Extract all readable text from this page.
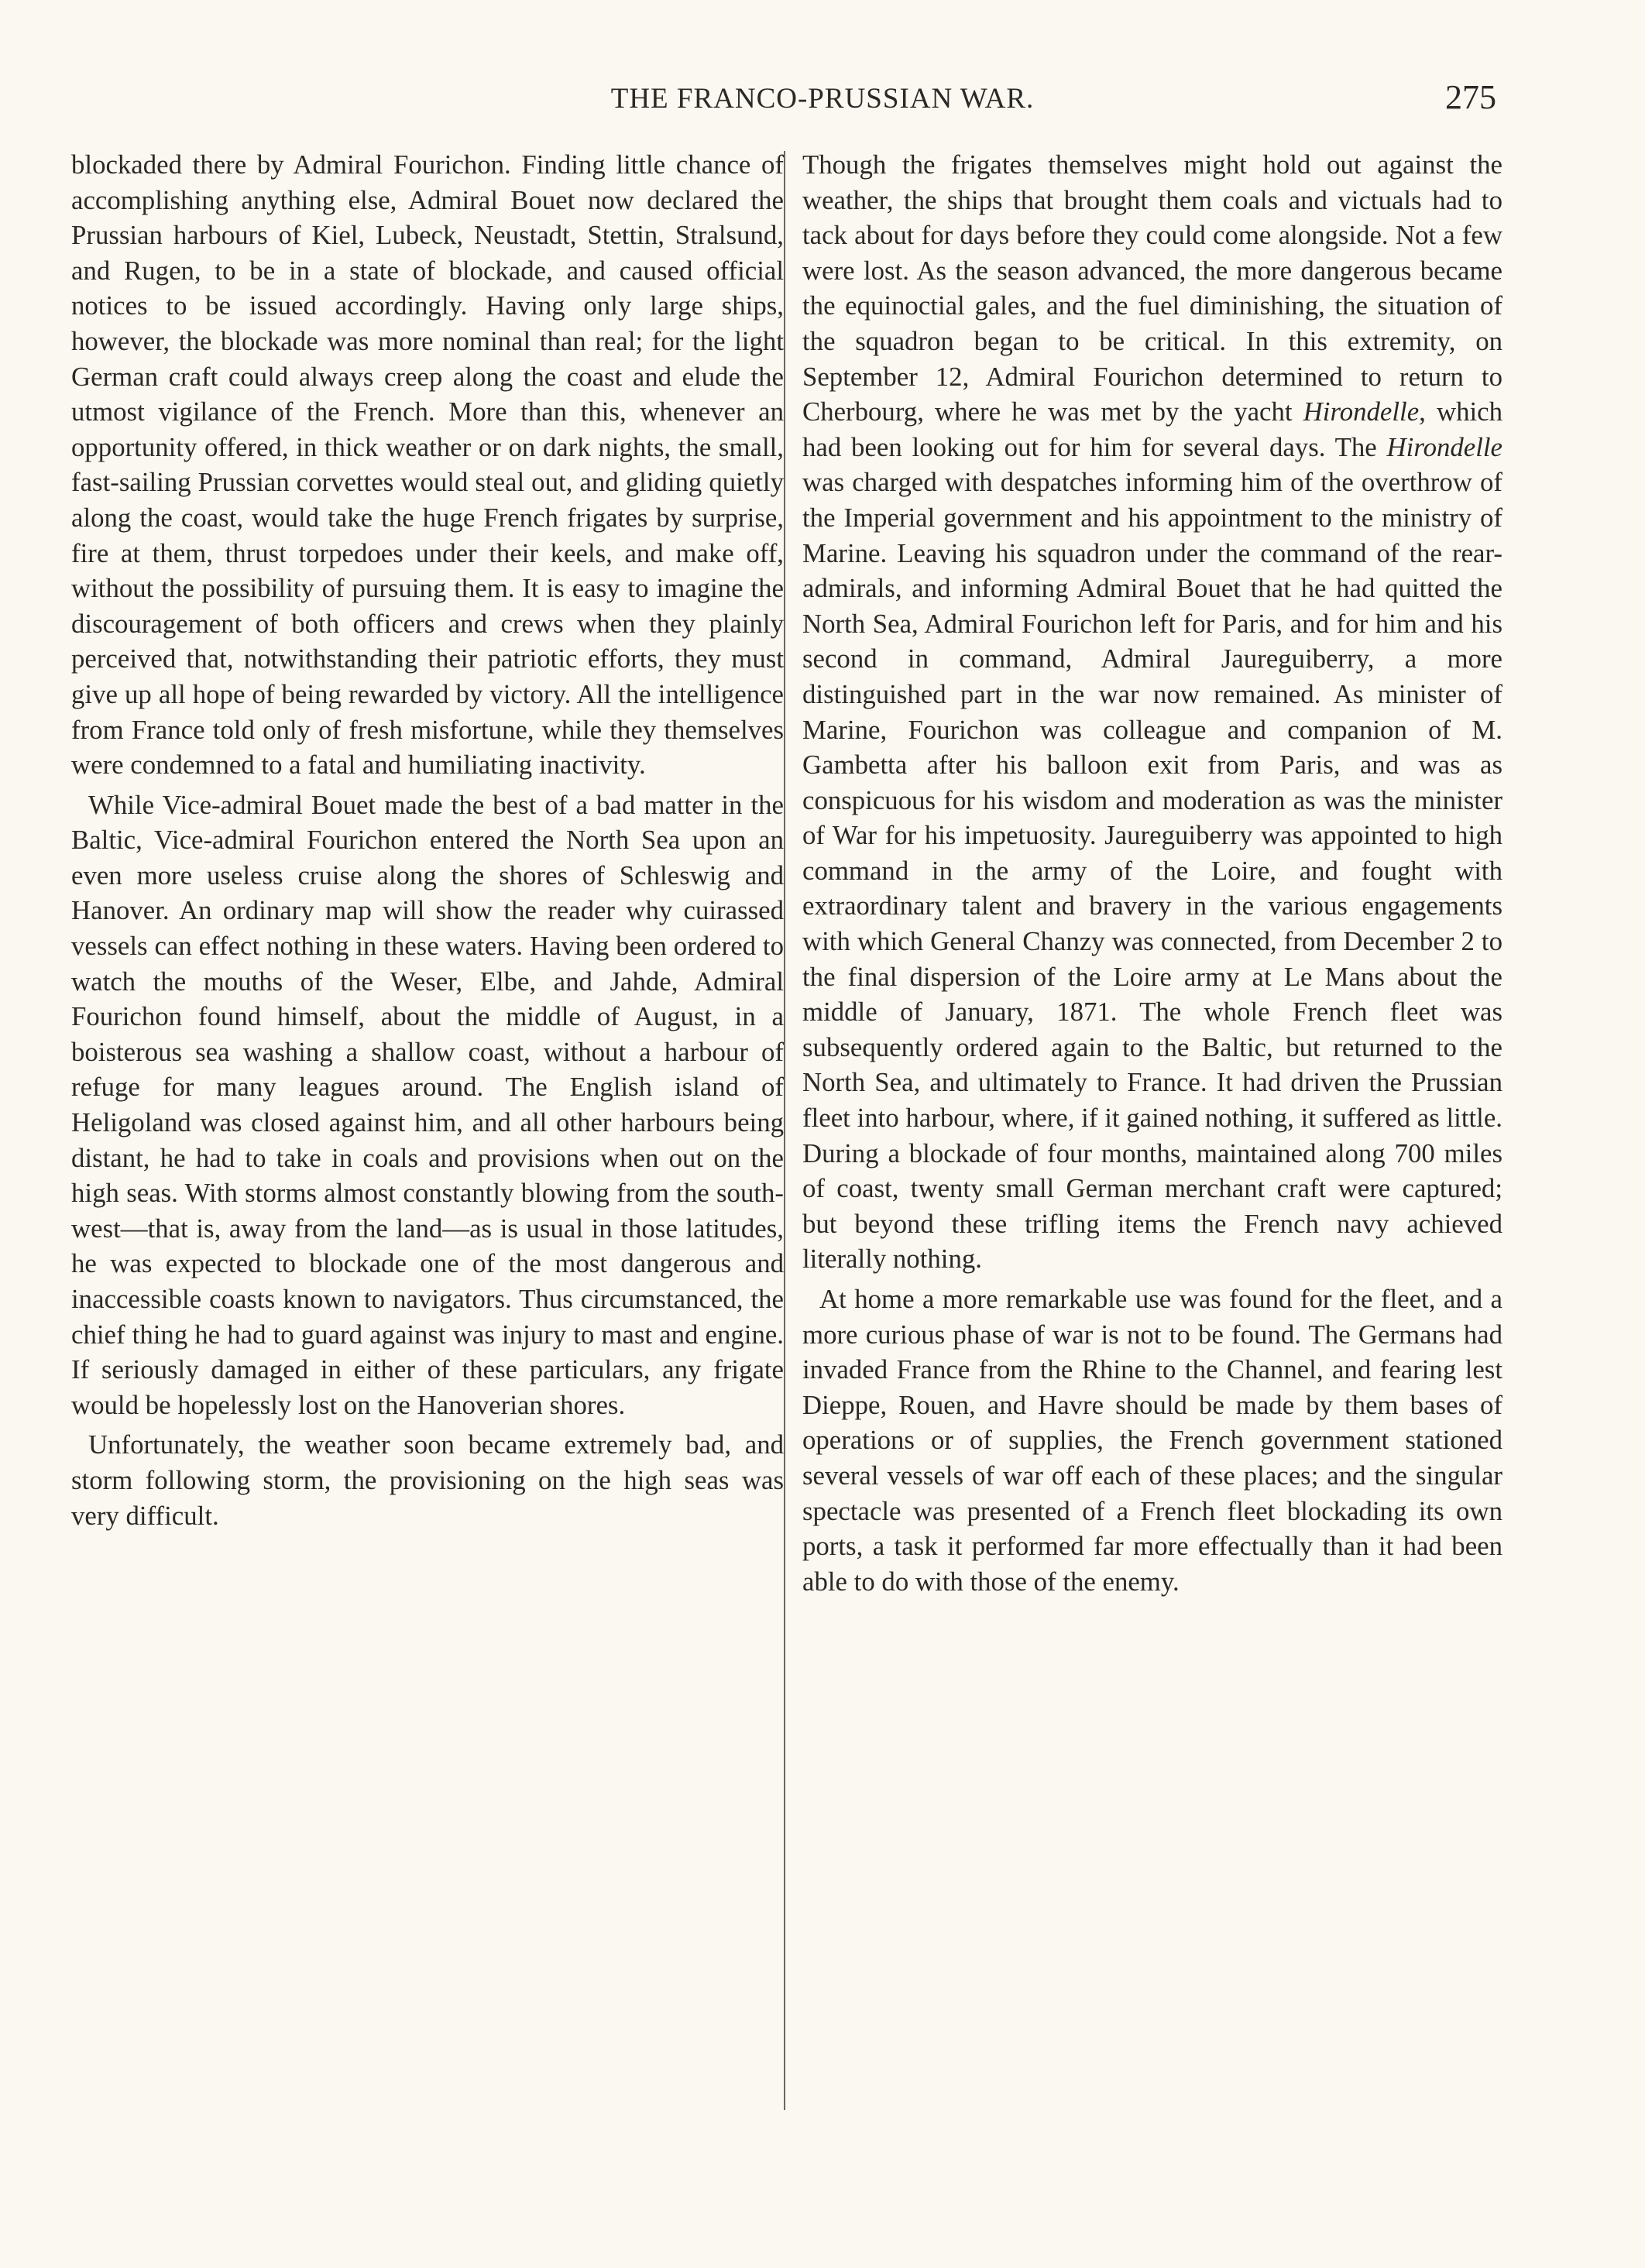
THE FRANCO-PRUSSIAN WAR.	275

blockaded there by Admiral Fourichon. Finding little chance of accomplishing anything else, Admiral Bouet now declared the Prussian harbours of Kiel, Lubeck, Neustadt, Stettin, Stralsund, and Rugen, to be in a state of blockade, and caused official notices to be issued accordingly. Having only large ships, however, the blockade was more nominal than real; for the light German craft could always creep along the coast and elude the utmost vigilance of the French. More than this, whenever an opportunity offered, in thick weather or on dark nights, the small, fast-sailing Prussian corvettes would steal out, and gliding quietly along the coast, would take the huge French frigates by surprise, fire at them, thrust torpedoes under their keels, and make off, without the possibility of pursuing them. It is easy to imagine the discouragement of both officers and crews when they plainly perceived that, notwithstanding their patriotic efforts, they must give up all hope of being rewarded by victory. All the intelligence from France told only of fresh misfortune, while they themselves were condemned to a fatal and humiliating inactivity.

While Vice-admiral Bouet made the best of a bad matter in the Baltic, Vice-admiral Fourichon entered the North Sea upon an even more useless cruise along the shores of Schleswig and Hanover. An ordinary map will show the reader why cuirassed vessels can effect nothing in these waters. Having been ordered to watch the mouths of the Weser, Elbe, and Jahde, Admiral Fourichon found himself, about the middle of August, in a boisterous sea washing a shallow coast, without a harbour of refuge for many leagues around. The English island of Heligoland was closed against him, and all other harbours being distant, he had to take in coals and provisions when out on the high seas. With storms almost constantly blowing from the south-west—that is, away from the land—as is usual in those latitudes, he was expected to blockade one of the most dangerous and inaccessible coasts known to navigators. Thus circumstanced, the chief thing he had to guard against was injury to mast and engine. If seriously damaged in either of these particulars, any frigate would be hopelessly lost on the Hanoverian shores.

Unfortunately, the weather soon became extremely bad, and storm following storm, the provisioning on the high seas was very difficult.

Though the frigates themselves might hold out against the weather, the ships that brought them coals and victuals had to tack about for days before they could come alongside. Not a few were lost. As the season advanced, the more dangerous became the equinoctial gales, and the fuel diminishing, the situation of the squadron began to be critical. In this extremity, on September 12, Admiral Fourichon determined to return to Cherbourg, where he was met by the yacht Hirondelle, which had been looking out for him for several days. The Hirondelle was charged with despatches informing him of the overthrow of the Imperial government and his appointment to the ministry of Marine. Leaving his squadron under the command of the rear-admirals, and informing Admiral Bouet that he had quitted the North Sea, Admiral Fourichon left for Paris, and for him and his second in command, Admiral Jaureguiberry, a more distinguished part in the war now remained. As minister of Marine, Fourichon was colleague and companion of M. Gambetta after his balloon exit from Paris, and was as conspicuous for his wisdom and moderation as was the minister of War for his impetuosity. Jaureguiberry was appointed to high command in the army of the Loire, and fought with extraordinary talent and bravery in the various engagements with which General Chanzy was connected, from December 2 to the final dispersion of the Loire army at Le Mans about the middle of January, 1871. The whole French fleet was subsequently ordered again to the Baltic, but returned to the North Sea, and ultimately to France. It had driven the Prussian fleet into harbour, where, if it gained nothing, it suffered as little. During a blockade of four months, maintained along 700 miles of coast, twenty small German merchant craft were captured; but beyond these trifling items the French navy achieved literally nothing.

At home a more remarkable use was found for the fleet, and a more curious phase of war is not to be found. The Germans had invaded France from the Rhine to the Channel, and fearing lest Dieppe, Rouen, and Havre should be made by them bases of operations or of supplies, the French government stationed several vessels of war off each of these places; and the singular spectacle was presented of a French fleet blockading its own ports, a task it performed far more effectually than it had been able to do with those of the enemy.
